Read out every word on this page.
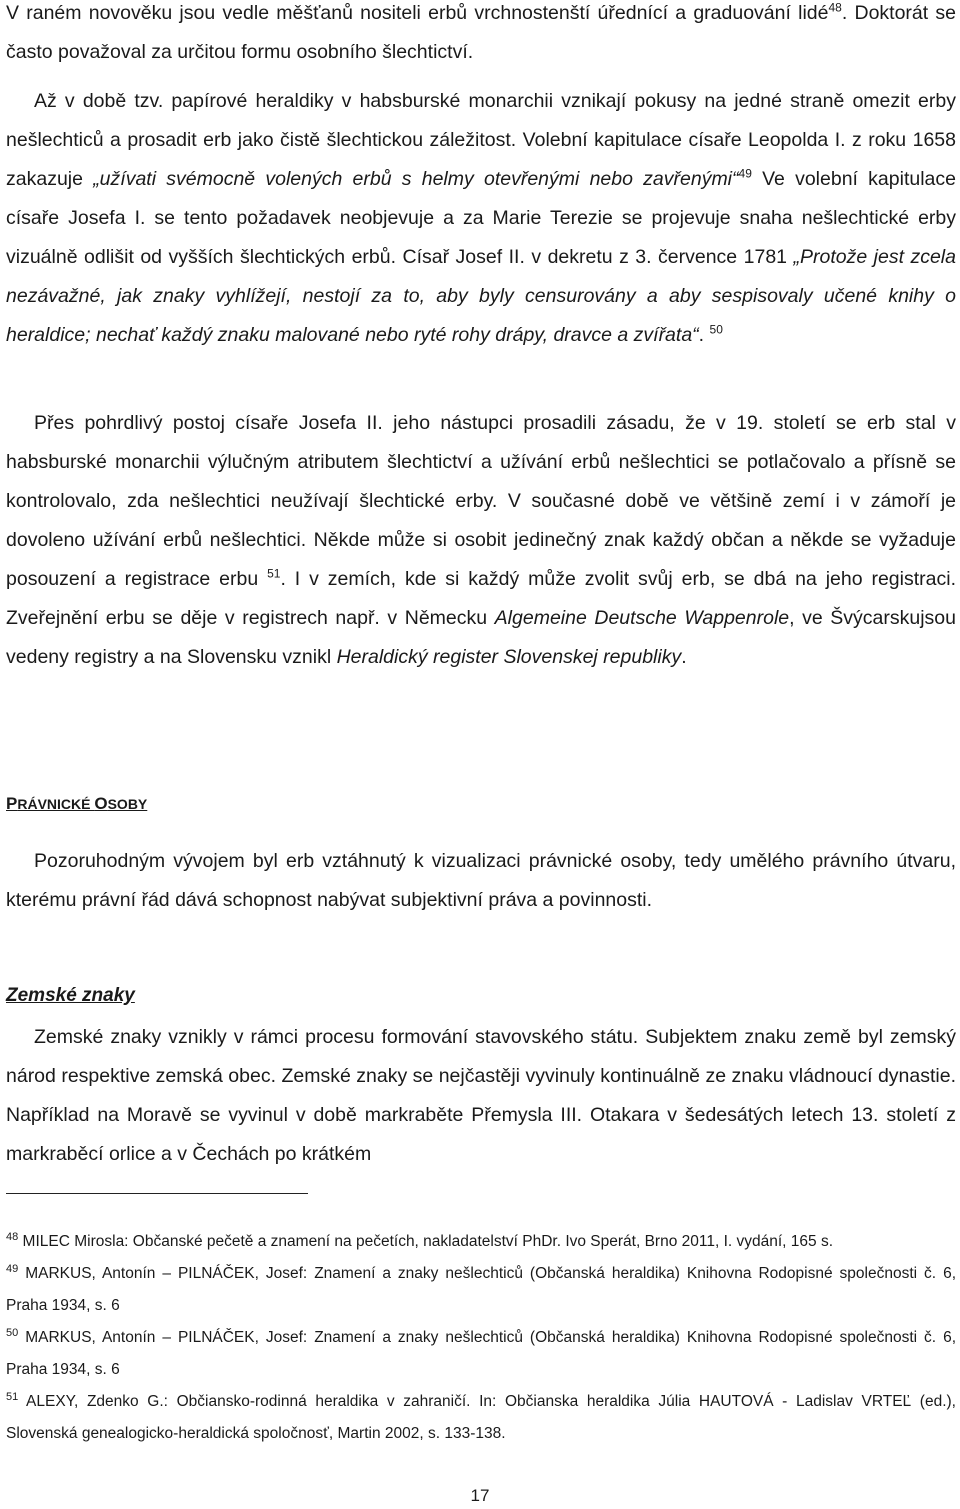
V raném novověku jsou vedle měšťanů nositeli erbů vrchnostenští úřednící a graduování lidé$^{48}$. Doktorát se často považoval za určitou formu osobního šlechtictví.

Až v době tzv. papírové heraldiky v habsburské monarchii vznikají pokusy na jedné straně omezit erby nešlechticů a prosadit erb jako čistě šlechtickou záležitost. Volební kapitulace císaře Leopolda I. z roku 1658 zakazuje „užívati svémocně volených erbů s helmy otevřenými nebo zavřenými“$^{49}$ Ve volební kapitulace císaře Josefa I. se tento požadavek neobjevuje a za Marie Terezie se projevuje snaha nešlechtické erby vizuálně odlišit od vyšších šlechtických erbů. Císař Josef II. v dekretu z 3. července 1781 „Protože jest zcela nezávažné, jak znaky vyhlížejí, nestojí za to, aby byly censurovány a aby sespisovaly učené knihy o heraldice; nechať každý znaku malované nebo ryté rohy drápy, dravce a zvířata“. $^{50}$

Přes pohrdlivý postoj císaře Josefa II. jeho nástupci prosadili zásadu, že v 19. století se erb stal v habsburské monarchii výlučným atributem šlechtictví a užívání erbů nešlechtici se potlačovalo a přísně se kontrolovalo, zda nešlechtici neužívají šlechtické erby. V současné době ve většině zemí i v zámoří je dovoleno užívání erbů nešlechtici. Někde může si osobit jedinečný znak každý občan a někde se vyžaduje posouzení a registrace erbu $^{51}$. I v zemích, kde si každý může zvolit svůj erb, se dbá na jeho registraci. Zveřejnění erbu se děje v registrech např. v Německu Algemeine Deutsche Wappenrole, ve Švýcarskujsou vedeny registry a na Slovensku vznikl Heraldický register Slovenskej republiky.

PRÁVNICKÉ OSOBY

Pozoruhodným vývojem byl erb vztáhnutý k vizualizaci právnické osoby, tedy umělého právního útvaru, kterému právní řád dává schopnost nabývat subjektivní práva a povinnosti.

Zemské znaky

Zemské znaky vznikly v rámci procesu formování stavovského státu. Subjektem znaku země byl zemský národ respektive zemská obec. Zemské znaky se nejčastěji vyvinuly kontinuálně ze znaku vládnoucí dynastie. Například na Moravě se vyvinul v době markraběte Přemysla III. Otakara v šedesátých letech 13. století z markraběcí orlice a v Čechách po krátkém

$^{48}$ MILEC Mirosla: Občanské pečetě a znamení na pečetích, nakladatelství PhDr. Ivo Sperát, Brno 2011, I. vydání, 165 s.

$^{49}$ MARKUS, Antonín – PILNÁČEK, Josef: Znamení a znaky nešlechticů (Občanská heraldika) Knihovna Rodopisné společnosti č. 6, Praha 1934, s. 6

$^{50}$ MARKUS, Antonín – PILNÁČEK, Josef: Znamení a znaky nešlechticů (Občanská heraldika) Knihovna Rodopisné společnosti č. 6, Praha 1934, s. 6

$^{51}$ ALEXY, Zdenko G.: Občiansko-rodinná heraldika v zahraničí. In: Občianska heraldika Júlia HAUTOVÁ - Ladislav VRTEĽ (ed.), Slovenská genealogicko-heraldická spoločnosť, Martin 2002, s. 133-138.

17
